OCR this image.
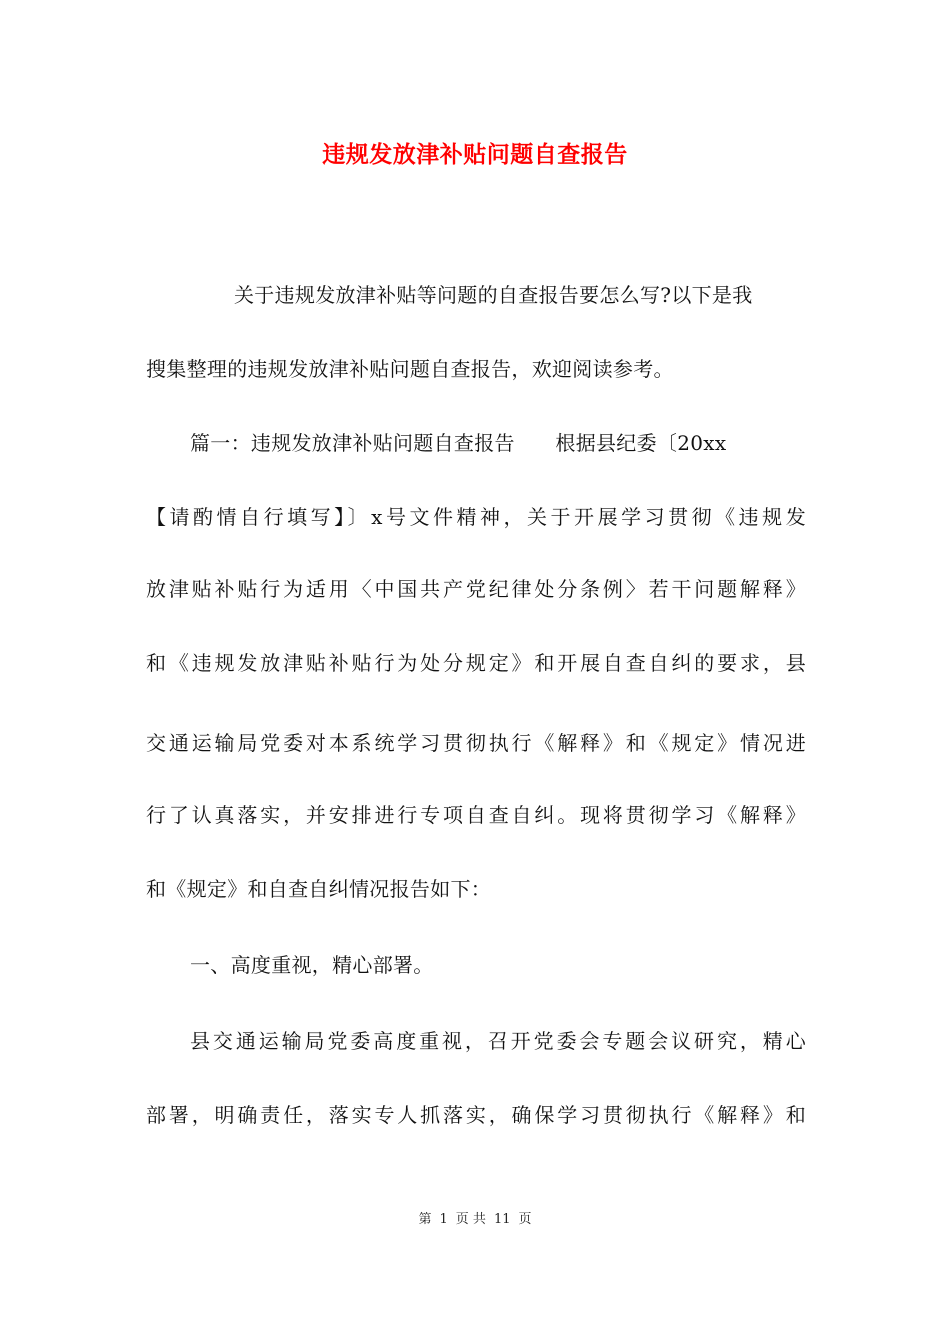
违规发放津补贴问题自查报告
关于违规发放津补贴等问题的自查报告要怎么写?以下是我
搜集整理的违规发放津补贴问题自查报告，欢迎阅读参考。
篇一：违规发放津补贴问题自查报告　　根据县纪委〔20xx
【请酌情自行填写】〕x号文件精神，关于开展学习贯彻《违规发
放津贴补贴行为适用〈中国共产党纪律处分条例〉若干问题解释》
和《违规发放津贴补贴行为处分规定》和开展自查自纠的要求，县
交通运输局党委对本系统学习贯彻执行《解释》和《规定》情况进
行了认真落实，并安排进行专项自查自纠。现将贯彻学习《解释》
和《规定》和自查自纠情况报告如下：
一、高度重视，精心部署。
县交通运输局党委高度重视，召开党委会专题会议研究，精心
部署，明确责任，落实专人抓落实，确保学习贯彻执行《解释》和
第 1 页 共 11 页
